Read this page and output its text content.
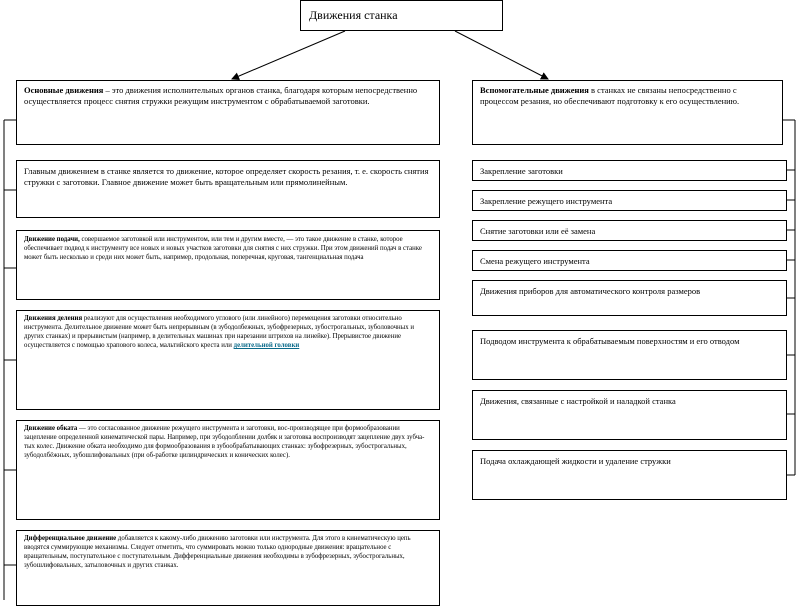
Движения станка
Основные движения – это движения исполнительных органов станка, благодаря которым непосредственно осуществляется процесс снятия стружки режущим инструментом с обрабатываемой заготовки.
Главным движением в станке является то движение, которое определяет скорость резания, т. е. скорость снятия стружки с заготовки. Главное движение может быть вращательным или прямолинейным.
Движение подачи, совершаемое заготовкой или инструментом, или тем и другим вместе, — это такое движение в станке, которое обеспечивает подвод к инструменту все новых и новых участков заготовки для снятия с них стружки. При этом движений подач в станке может быть несколько и среди них может быть, например, продольная, поперечная, круговая, тангенциальная подача
Движения деления реализуют для осуществления необходимого углового (или линейного) перемещения заготовки относительно инструмента. Делительное движение может быть непрерывным (в зубодолбежных, зубофрезерных, зубострогальных, зуболовочных и других станках) и прерывистым (например, в делительных машинах при нарезании штрихов на линейке). Прерывистое движение осуществляется с помощью храпового колеса, мальтийского креста или делительной головки
Движение обката — это согласованное движение режущего инструмента и заготовки, вос-производящее при формообразовании зацепление определенной кинематической пары. Например, при зубодолблении долбяк и заготовка воспроизводят зацепление двух зубча-тых колес. Движение обката необходимо для формообразования в зубообрабатывающих станках: зубофрезерных, зубострогальных, зубодолбёжных, зубошлифовальных (при об-работке цилиндрических и конических колес).
Дифференциальное движение добавляется к какому-либо движению заготовки или инструмента. Для этого в кинематическую цепь вводятся суммирующие механизмы. Следует отметить, что суммировать можно только однородные движения: вращательное с вращательным, поступательное с поступательным. Дифференциальные движения необходимы в зубофрезерных, зубострогальных, зубошлифовальных, затыловочных и других станках.
Вспомогательные движения в станках не связаны непосредственно с процессом резания, но обеспечивают подготовку к его осуществлению.
Закрепление заготовки
Закрепление режущего инструмента
Снятие заготовки или её замена
Смена режущего инструмента
Движения приборов для автоматического контроля размеров
Подводом инструмента к обрабатываемым поверхностям и его отводом
Движения, связанные с настройкой и наладкой станка
Подача охлаждающей жидкости и удаление стружки
